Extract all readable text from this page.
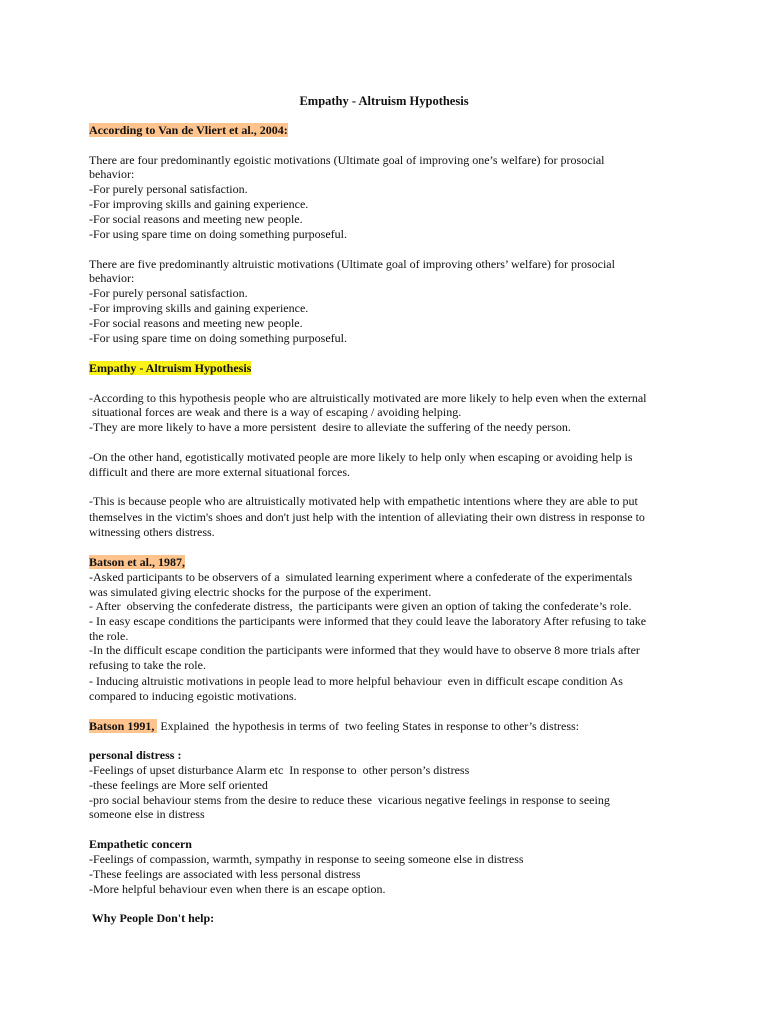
Empathy - Altruism Hypothesis

According to Van de Vliert et al., 2004:

There are four predominantly egoistic motivations (Ultimate goal of improving one’s welfare) for prosocial

behavior:

-For purely personal satisfaction.

-For improving skills and gaining experience.

-For social reasons and meeting new people.

-For using spare time on doing something purposeful.

There are five predominantly altruistic motivations (Ultimate goal of improving others’ welfare) for prosocial

behavior:

-For purely personal satisfaction.

-For improving skills and gaining experience.

-For social reasons and meeting new people.

-For using spare time on doing something purposeful.

Empathy - Altruism Hypothesis

-According to this hypothesis people who are altruistically motivated are more likely to help even when the external

situational forces are weak and there is a way of escaping / avoiding helping.

-They are more likely to have a more persistent  desire to alleviate the suffering of the needy person.

-On the other hand, egotistically motivated people are more likely to help only when escaping or avoiding help is

difficult and there are more external situational forces.

-This is because people who are altruistically motivated help with empathetic intentions where they are able to put

themselves in the victim's shoes and don't just help with the intention of alleviating their own distress in response to

witnessing others distress.

Batson et al., 1987,

-Asked participants to be observers of a  simulated learning experiment where a confederate of the experimentals

was simulated giving electric shocks for the purpose of the experiment.

- After  observing the confederate distress,  the participants were given an option of taking the confederate’s role.

- In easy escape conditions the participants were informed that they could leave the laboratory After refusing to take

the role.

-In the difficult escape condition the participants were informed that they would have to observe 8 more trials after

refusing to take the role.

- Inducing altruistic motivations in people lead to more helpful behaviour  even in difficult escape condition As

compared to inducing egoistic motivations.

Batson 1991,  Explained  the hypothesis in terms of  two feeling States in response to other’s distress:

personal distress :

-Feelings of upset disturbance Alarm etc  In response to  other person’s distress

-these feelings are More self oriented

-pro social behaviour stems from the desire to reduce these  vicarious negative feelings in response to seeing

someone else in distress

Empathetic concern

-Feelings of compassion, warmth, sympathy in response to seeing someone else in distress

-These feelings are associated with less personal distress

-More helpful behaviour even when there is an escape option.

Why People Don't help:
